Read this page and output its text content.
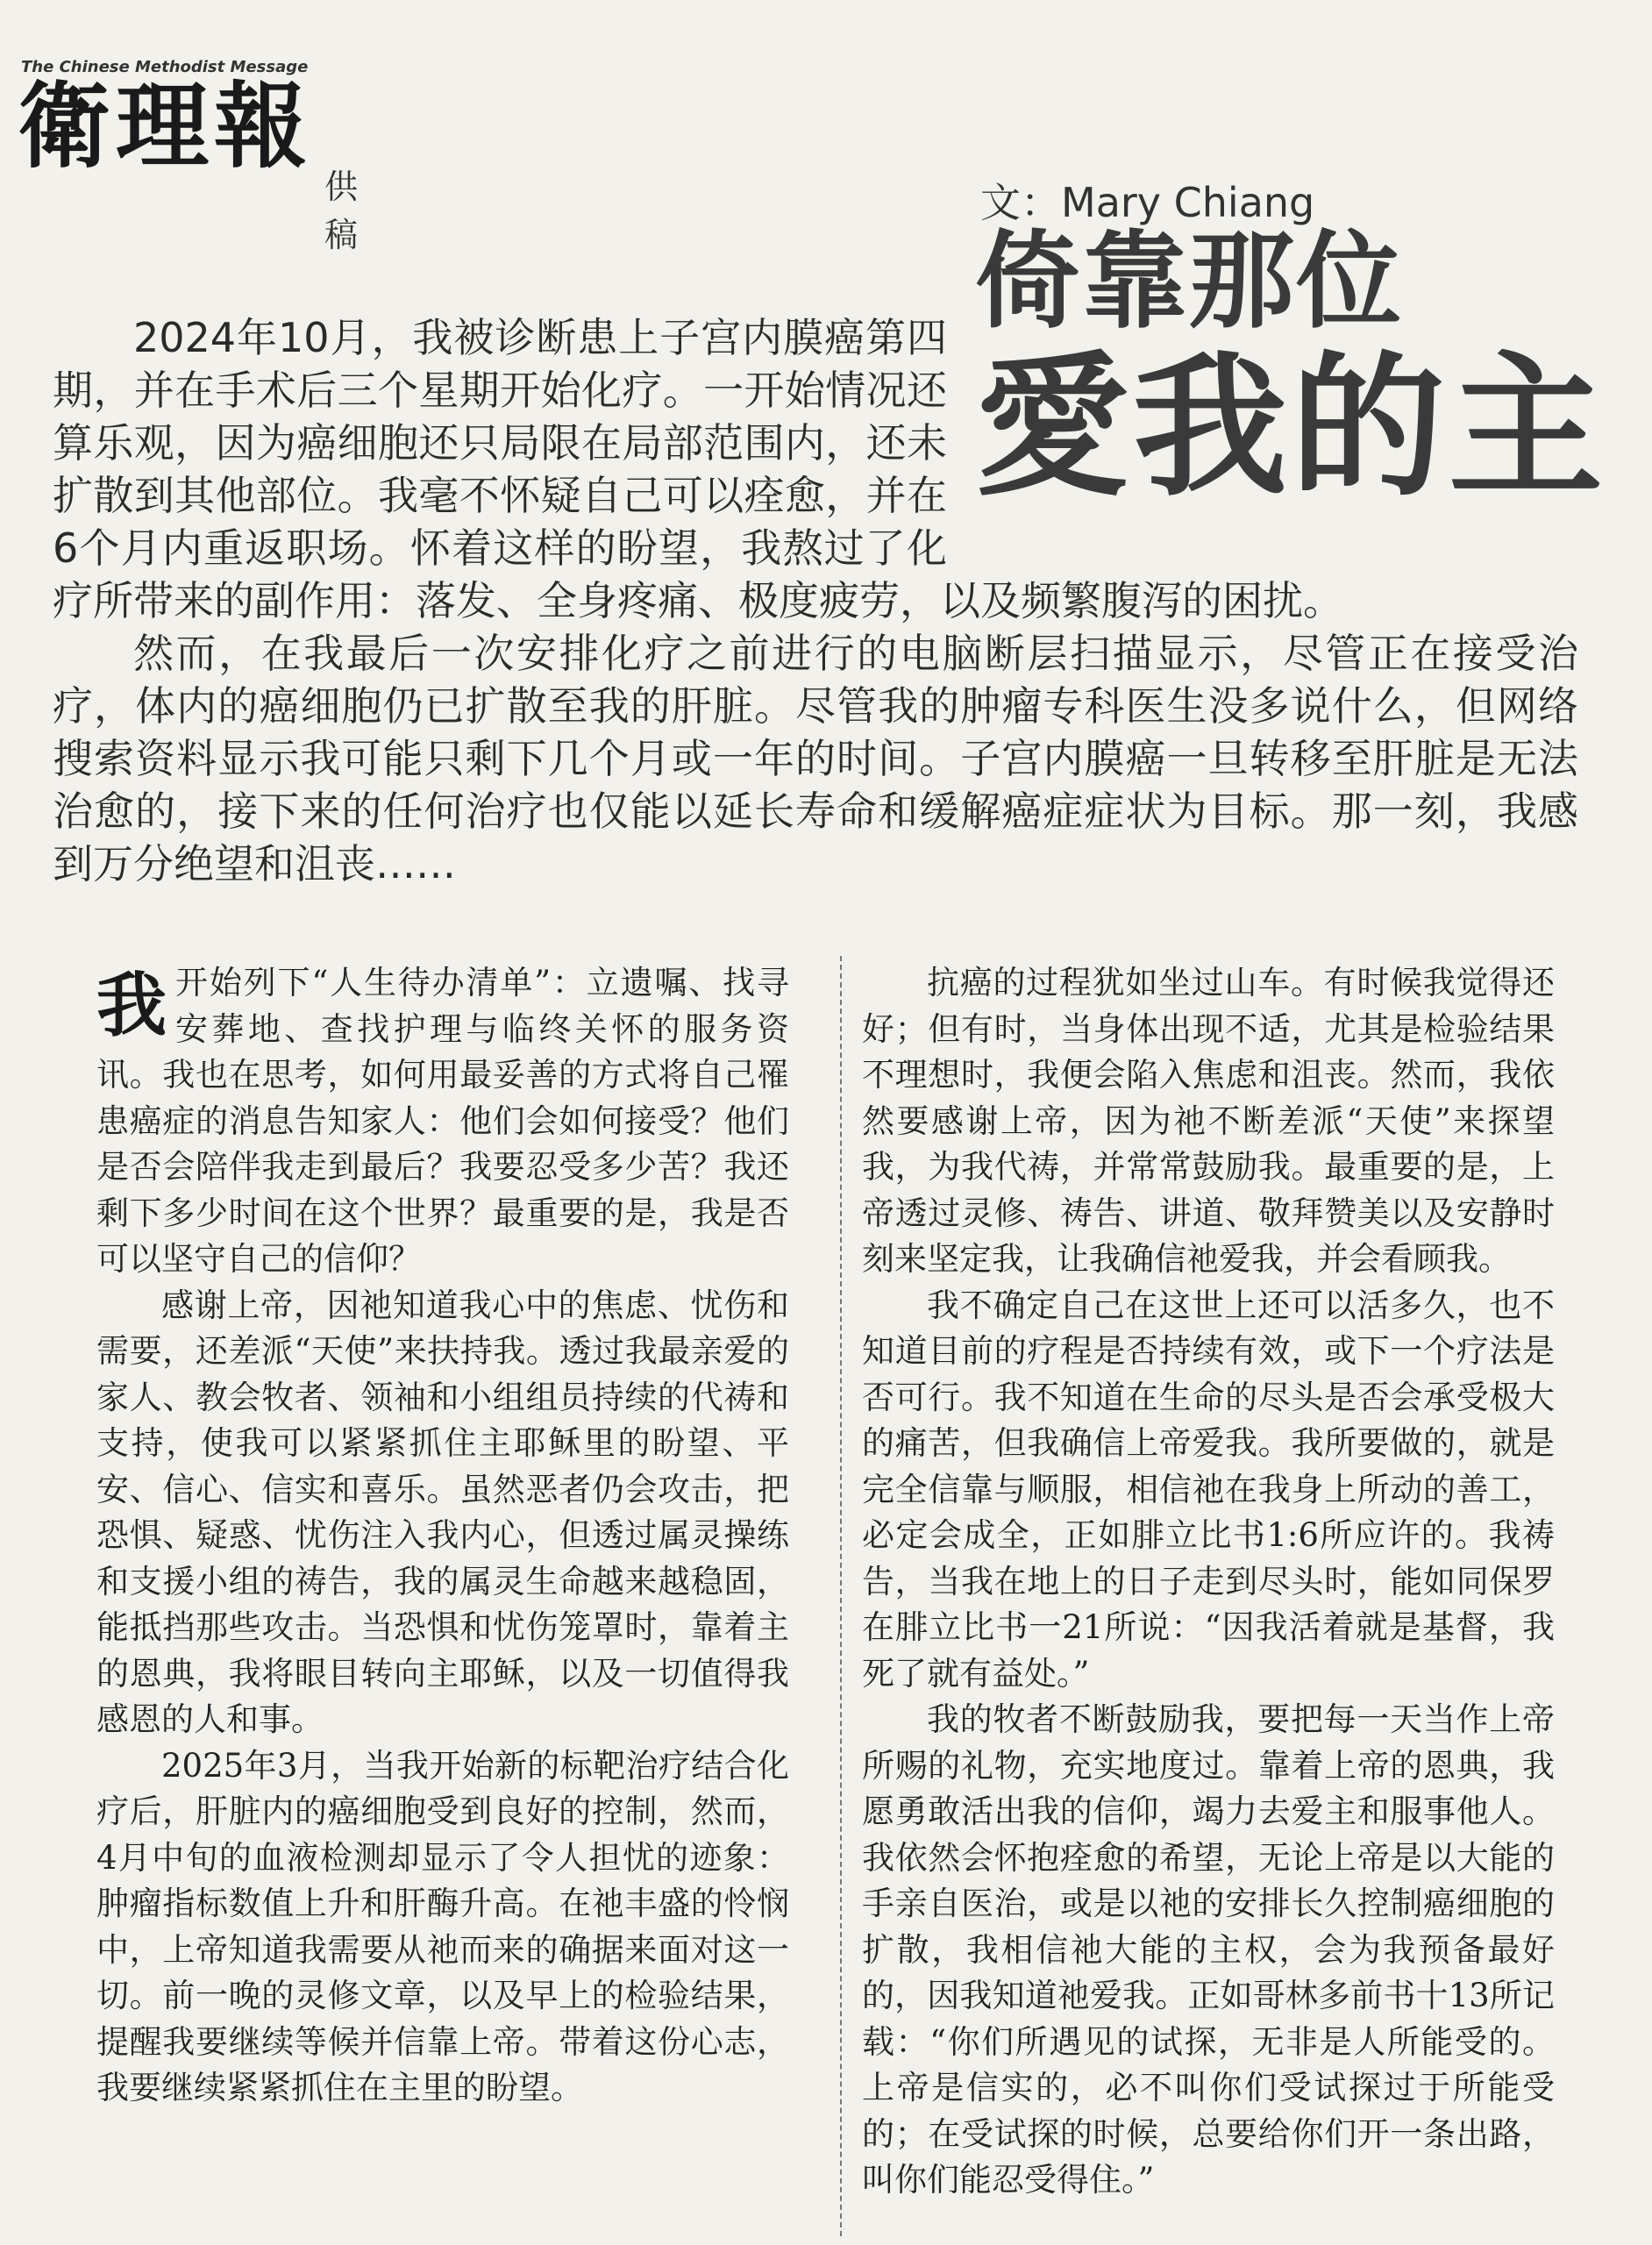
The Chinese Methodist Message
衛理報
供稿
文：Mary Chiang
倚靠那位
愛我的主

2024年10月，我被诊断患上子宫内膜癌第四期，并在手术后三个星期开始化疗。一开始情况还算乐观，因为癌细胞还只局限在局部范围内，还未扩散到其他部位。我毫不怀疑自己可以痊愈，并在6个月内重返职场。怀着这样的盼望，我熬过了化疗所带来的副作用：落发、全身疼痛、极度疲劳，以及频繁腹泻的困扰。

然而，在我最后一次安排化疗之前进行的电脑断层扫描显示，尽管正在接受治疗，体内的癌细胞仍已扩散至我的肝脏。尽管我的肿瘤专科医生没多说什么，但网络搜索资料显示我可能只剩下几个月或一年的时间。子宫内膜癌一旦转移至肝脏是无法治愈的，接下来的任何治疗也仅能以延长寿命和缓解癌症症状为目标。那一刻，我感到万分绝望和沮丧……

我开始列下“人生待办清单”：立遗嘱、找寻安葬地、查找护理与临终关怀的服务资讯。我也在思考，如何用最妥善的方式将自己罹患癌症的消息告知家人：他们会如何接受？他们是否会陪伴我走到最后？我要忍受多少苦？我还剩下多少时间在这个世界？最重要的是，我是否可以坚守自己的信仰？

感谢上帝，因祂知道我心中的焦虑、忧伤和需要，还差派“天使”来扶持我。透过我最亲爱的家人、教会牧者、领袖和小组组员持续的代祷和支持，使我可以紧紧抓住主耶稣里的盼望、平安、信心、信实和喜乐。虽然恶者仍会攻击，把恐惧、疑惑、忧伤注入我内心，但透过属灵操练和支援小组的祷告，我的属灵生命越来越稳固，能抵挡那些攻击。当恐惧和忧伤笼罩时，靠着主的恩典，我将眼目转向主耶稣，以及一切值得我感恩的人和事。

2025年3月，当我开始新的标靶治疗结合化疗后，肝脏内的癌细胞受到良好的控制，然而，4月中旬的血液检测却显示了令人担忧的迹象：肿瘤指标数值上升和肝酶升高。在祂丰盛的怜悯中，上帝知道我需要从祂而来的确据来面对这一切。前一晚的灵修文章，以及早上的检验结果，提醒我要继续等候并信靠上帝。带着这份心志，我要继续紧紧抓住在主里的盼望。

抗癌的过程犹如坐过山车。有时候我觉得还好；但有时，当身体出现不适，尤其是检验结果不理想时，我便会陷入焦虑和沮丧。然而，我依然要感谢上帝，因为祂不断差派“天使”来探望我，为我代祷，并常常鼓励我。最重要的是，上帝透过灵修、祷告、讲道、敬拜赞美以及安静时刻来坚定我，让我确信祂爱我，并会看顾我。

我不确定自己在这世上还可以活多久，也不知道目前的疗程是否持续有效，或下一个疗法是否可行。我不知道在生命的尽头是否会承受极大的痛苦，但我确信上帝爱我。我所要做的，就是完全信靠与顺服，相信祂在我身上所动的善工，必定会成全，正如腓立比书1:6所应许的。我祷告，当我在地上的日子走到尽头时，能如同保罗在腓立比书一21所说：“因我活着就是基督，我死了就有益处。”

我的牧者不断鼓励我，要把每一天当作上帝所赐的礼物，充实地度过。靠着上帝的恩典，我愿勇敢活出我的信仰，竭力去爱主和服事他人。我依然会怀抱痊愈的希望，无论上帝是以大能的手亲自医治，或是以祂的安排长久控制癌细胞的扩散，我相信祂大能的主权，会为我预备最好的，因我知道祂爱我。正如哥林多前书十13所记载：“你们所遇见的试探，无非是人所能受的。上帝是信实的，必不叫你们受试探过于所能受的；在受试探的时候，总要给你们开一条出路，叫你们能忍受得住。”
